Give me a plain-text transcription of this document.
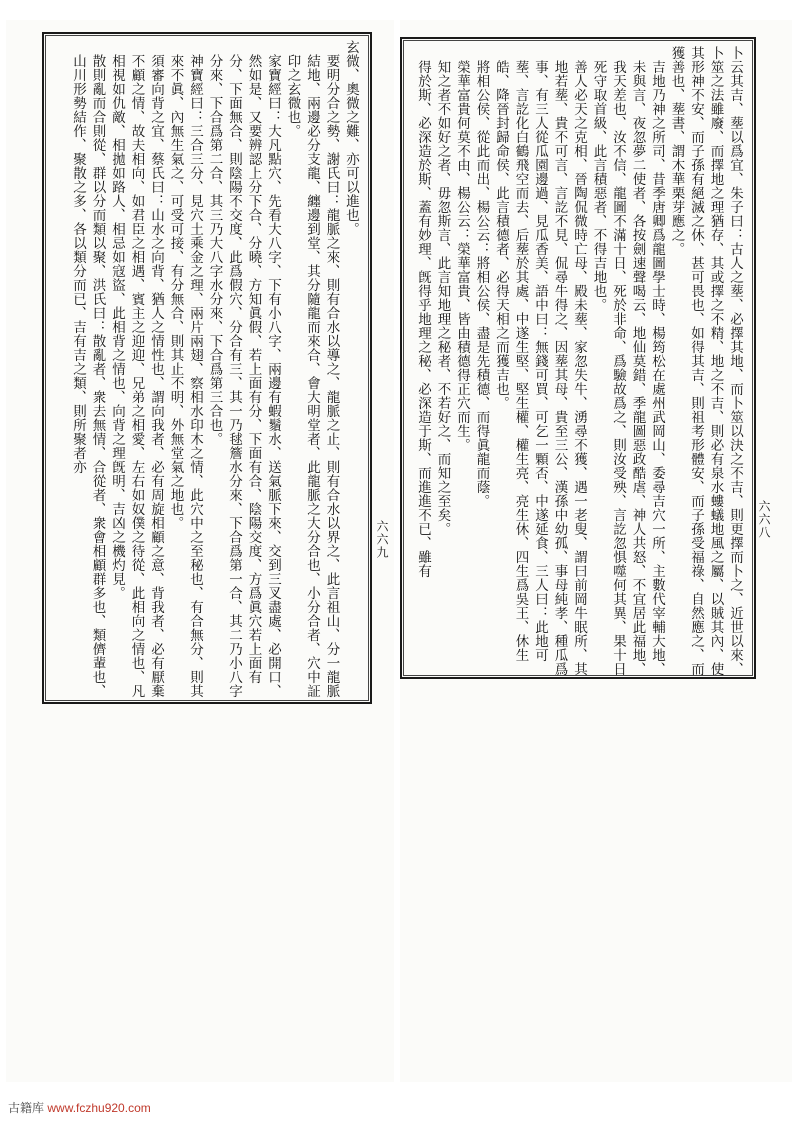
玄微、奧微之難、亦可以進也。

要明分合之勢、謝氏曰：龍脈之來、則有合水以導之、龍脈之止、則有合水以界之、此言祖山、分一龍脈結地、兩邊必分支龍、纏邊到堂、其分隨龍而來合、會大明堂者、此龍脈之大分合也、小分合者、穴中証印之玄微也。

家寶經曰：大凡點穴、先看大八字、下有小八字、兩邊有蝦鬚水、送氣脈下來、交到三叉盡處、必開口、然如是、又要辨認上分下合、分曉、方知眞假、若上面有分、下面有合、陰陽交度、方爲眞穴若上面有分、下面無合、則陰陽不交度、此爲假穴、分合有三、其一乃毬簷水分來、下合爲第一合、其二乃小八字分來、下合爲第二合、其三乃大八字水分來、下合爲第三合也。

神寶經曰：三合三分、見穴土乘金之理、兩片兩翅、察相水印木之情、此穴中之至秘也、有合無分、則其來不眞、內無生氣之、可受可接、有分無合、則其止不明、外無堂氣之地也。

須審向背之宜、蔡氏曰：山水之向背、猶人之情性也、謂向我者、必有周旋相顧之意、背我者、必有厭棄不顧之情、故夫相向、如君臣之相遇、賓主之迎迎、兄弟之相愛、左右如奴僕之待從、此相向之情也、凡相視如仇敵、相拋如路人、相忌如寇盜、此相背之情也、向背之理旣明、吉凶之機灼見。

散則亂而合則從、群以分而類以聚、洪氏曰：散亂者、衆去無情、合從者、衆會相顧群多也、類儕輩也、山川形勢結作、聚散之多、各以類分而已、吉有吉之類、則所聚者亦

六六九	卜云其吉、塟以爲宜、朱子曰：古人之塟、必擇其地、而卜筮以決之不吉、則更擇而卜之、近世以來、卜筮之法雖廢、而擇地之理猶存、其或擇之不精、地之不吉、則必有泉水螻蟻地風之屬、以賊其內、使其形神不安、而子孫有絕滅之休、甚可畏也、如得其吉、則祖考形體安、而子孫受福祿、自然應之、而獲善也、塟書、謂木華栗芽應之。

吉地乃神之所司、昔季唐卿爲龍圖學士時、楊筠松在處州武岡山、委尋吉穴一所、主數代宰輔大地、未與言、夜忽夢二使者、各按劍速聲喝云、地仙莫錯、季龍圖惡政酷虐、神人共怒、不宜居此福地、我天差也、汝不信、龍圖不滿十日、死於非命、爲驗故爲之、則汝受殃、言訖忽惧噬何其異、果十日死守取首級、此言積惡者、不得吉地也。

善人必天之克相、晉陶侃微時亡母、殿未塟、家忽失牛、湧尋不獲、遇一老叟、謂曰前岡牛眠所、其地若塟、貴不可言、言訖不見、侃尋牛得之、因塟其母、貴至三公、漢孫中幼孤、事母純孝、種瓜爲事、有三人從瓜園邊過、見瓜香美、語中曰：無錢可買、可乞一顆否、中遂延食、三人曰：此地可塟、言訖化白鶴飛空而去、后塟於其處、中遂生堅、堅生權、權生亮、亮生休、四生爲吳王、休生皓、降晉封歸命侯、此言積德者、必得天相之而獲吉也。

將相公侯、從此而出、楊公云：將相公侯、盡是先積德、而得眞龍而蔭。

榮華富貴何莫不由、楊公云：榮華富貴、皆由積德得正穴而生。

知之者不如好之者、毋忽斯言、此言知地理之秘者、不若好之、而知之至矣。

得於斯、必深造於斯、蓋有妙理、旣得乎地理之秘、必深造于斯、而進進不已、雖有	六六八
古籍库 www.fczhu920.com
